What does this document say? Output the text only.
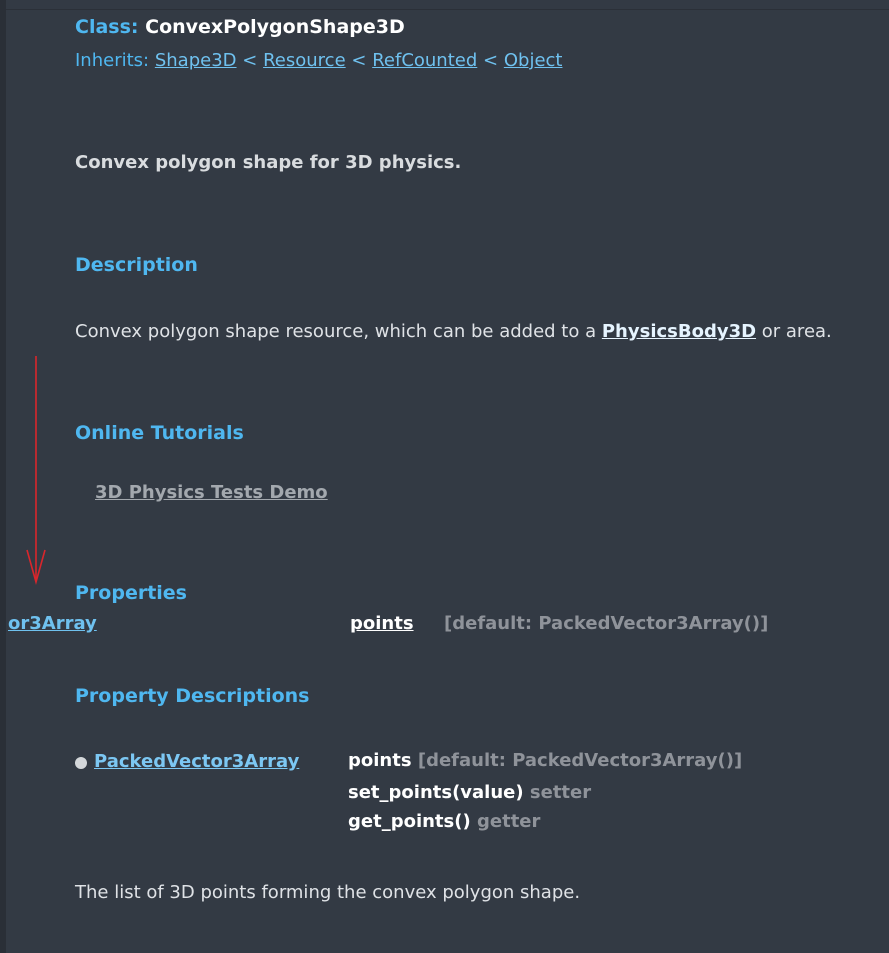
Class: ConvexPolygonShape3D
Inherits: Shape3D < Resource < RefCounted < Object
Convex polygon shape for 3D physics.
Description
Convex polygon shape resource, which can be added to a PhysicsBody3D or area.
Online Tutorials
3D Physics Tests Demo
Properties
or3Array	points [default: PackedVector3Array()]
Property Descriptions
PackedVector3Array	points [default: PackedVector3Array()]
set_points(value) setter
get_points() getter
The list of 3D points forming the convex polygon shape.
